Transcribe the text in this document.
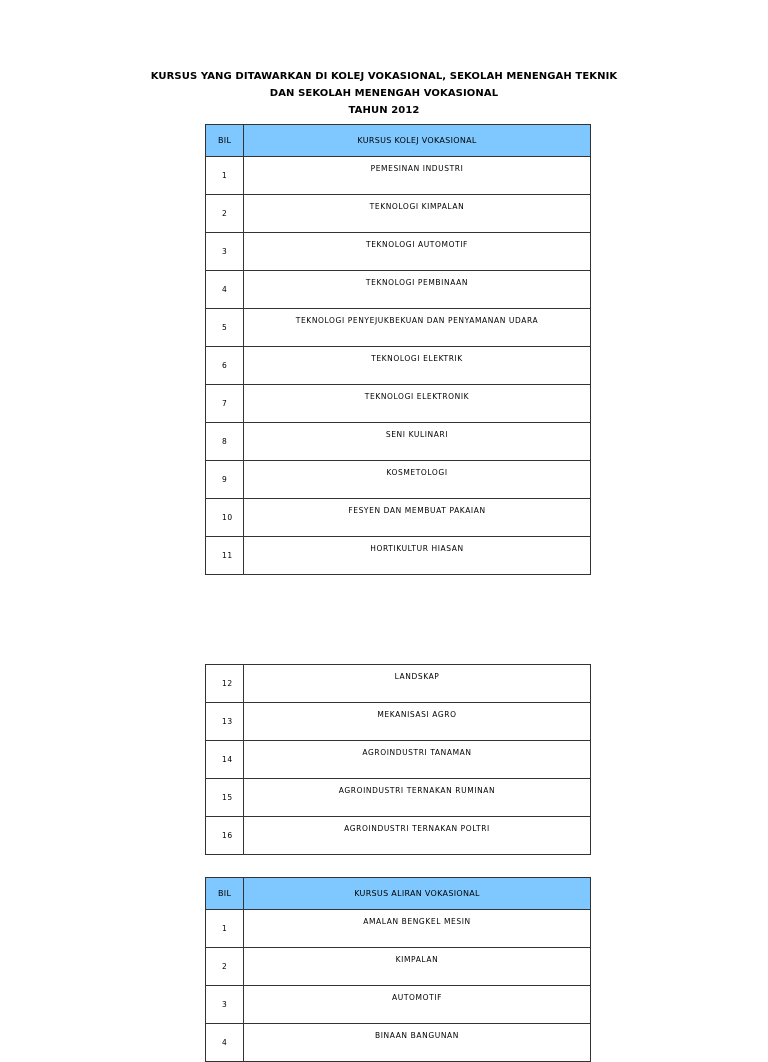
KURSUS YANG DITAWARKAN DI KOLEJ VOKASIONAL, SEKOLAH MENENGAH TEKNIK
DAN SEKOLAH MENENGAH VOKASIONAL
TAHUN 2012
BIL	KURSUS KOLEJ VOKASIONAL
1	PEMESINAN INDUSTRI
2	TEKNOLOGI KIMPALAN
3	TEKNOLOGI AUTOMOTIF
4	TEKNOLOGI PEMBINAAN
5	TEKNOLOGI PENYEJUKBEKUAN DAN PENYAMANAN UDARA
6	TEKNOLOGI ELEKTRIK
7	TEKNOLOGI ELEKTRONIK
8	SENI KULINARI
9	KOSMETOLOGI
10	FESYEN DAN MEMBUAT PAKAIAN
11	HORTIKULTUR HIASAN
12	LANDSKAP
13	MEKANISASI AGRO
14	AGROINDUSTRI TANAMAN
15	AGROINDUSTRI TERNAKAN RUMINAN
16	AGROINDUSTRI TERNAKAN POLTRI
BIL	KURSUS ALIRAN VOKASIONAL
1	AMALAN BENGKEL MESIN
2	KIMPALAN
3	AUTOMOTIF
4	BINAAN BANGUNAN
